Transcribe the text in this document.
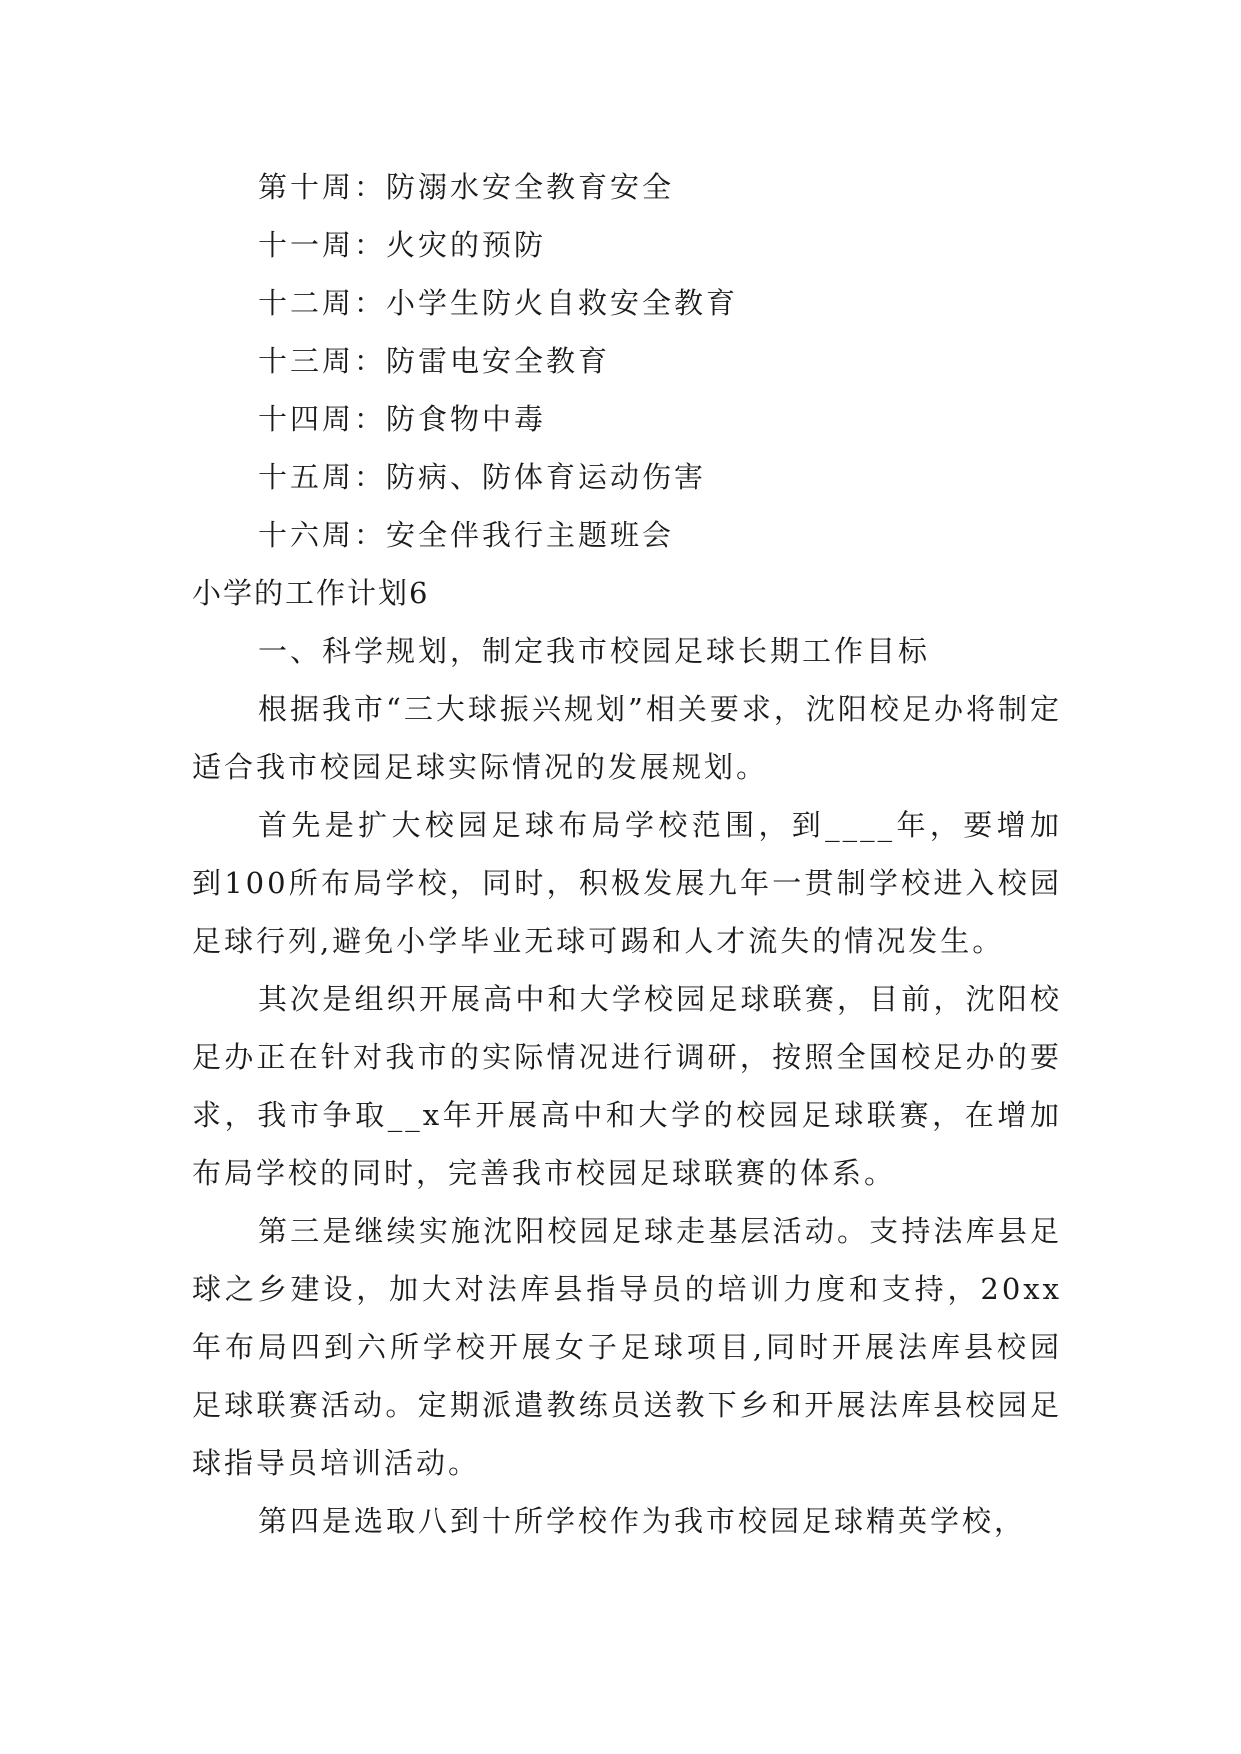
第十周：防溺水安全教育安全

十一周：火灾的预防

十二周：小学生防火自救安全教育

十三周：防雷电安全教育

十四周：防食物中毒

十五周：防病、防体育运动伤害

十六周：安全伴我行主题班会

小学的工作计划6

一、科学规划，制定我市校园足球长期工作目标

根据我市“三大球振兴规划”相关要求，沈阳校足办将制定适合我市校园足球实际情况的发展规划。

首先是扩大校园足球布局学校范围，到____年，要增加到100所布局学校，同时，积极发展九年一贯制学校进入校园足球行列,避免小学毕业无球可踢和人才流失的情况发生。

其次是组织开展高中和大学校园足球联赛，目前，沈阳校足办正在针对我市的实际情况进行调研，按照全国校足办的要求，我市争取__x年开展高中和大学的校园足球联赛，在增加布局学校的同时，完善我市校园足球联赛的体系。

第三是继续实施沈阳校园足球走基层活动。支持法库县足球之乡建设，加大对法库县指导员的培训力度和支持，20xx年布局四到六所学校开展女子足球项目,同时开展法库县校园足球联赛活动。定期派遣教练员送教下乡和开展法库县校园足球指导员培训活动。

第四是选取八到十所学校作为我市校园足球精英学校，
